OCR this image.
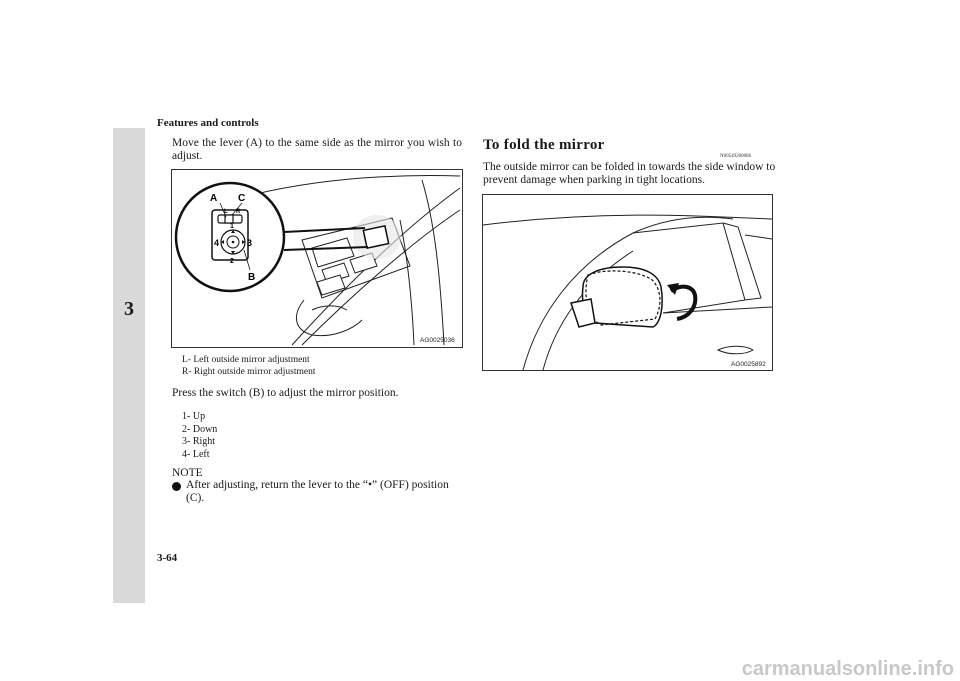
Features and controls
3
Move the lever (A) to the same side as the mirror you wish to adjust.
A C
L R
1
2
3
4
B
AG0025036
L- Left outside mirror adjustment
R- Right outside mirror adjustment
Press the switch (B) to adjust the mirror position.
1- Up
2- Down
3- Right
4- Left
NOTE
After adjusting, return the lever to the “•” (OFF) position
(C).
To fold the mirror
N00549200086
The outside mirror can be folded in towards the side window to
prevent damage when parking in tight locations.
AG0025892
3-64
carmanualsonline.info
